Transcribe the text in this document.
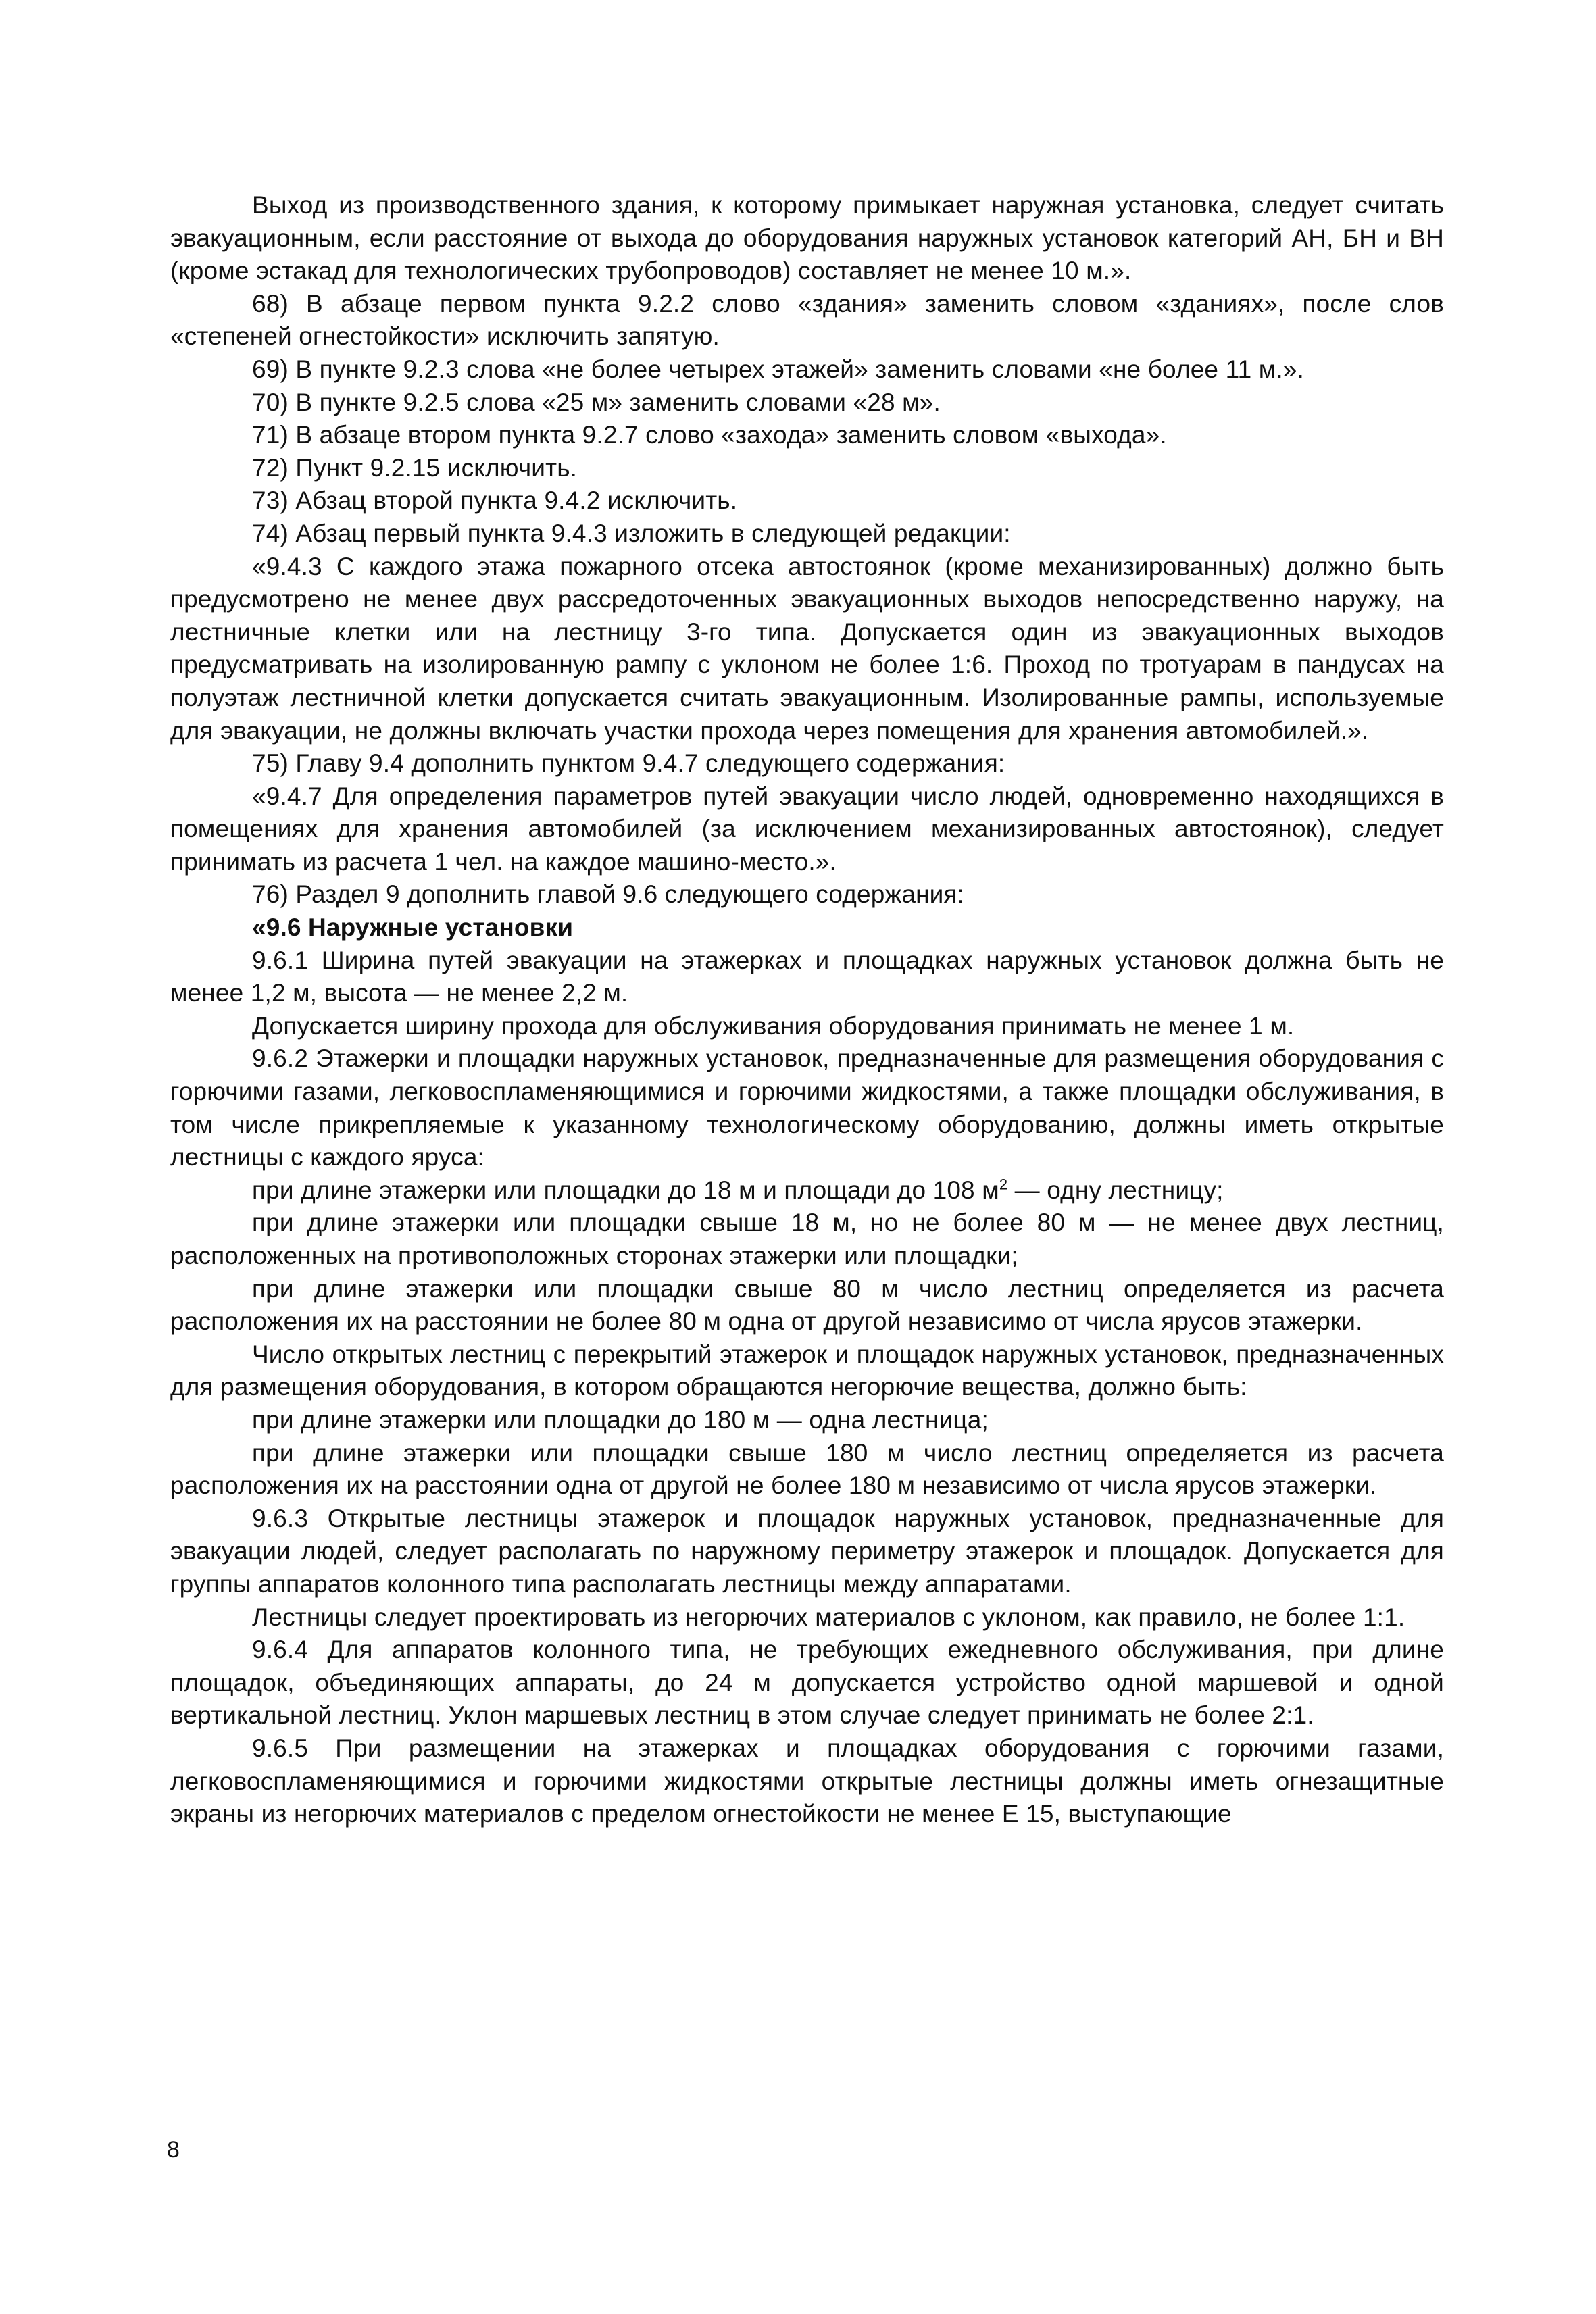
Выход из производственного здания, к которому примыкает наружная установка, следует считать эвакуационным, если расстояние от выхода до оборудования наружных установок категорий АН, БН и ВН (кроме эстакад для технологических трубопроводов) составляет не менее 10 м.».

68) В абзаце первом пункта 9.2.2 слово «здания» заменить словом «зданиях», после слов «степеней огнестойкости» исключить запятую.

69) В пункте 9.2.3 слова «не более четырех этажей» заменить словами «не более 11 м.».

70) В пункте 9.2.5 слова «25 м» заменить словами «28 м».

71) В абзаце втором пункта 9.2.7 слово «захода» заменить словом «выхода».

72) Пункт 9.2.15 исключить.

73) Абзац второй пункта 9.4.2 исключить.

74) Абзац первый пункта 9.4.3 изложить в следующей редакции:

«9.4.3 С каждого этажа пожарного отсека автостоянок (кроме механизированных) должно быть предусмотрено не менее двух рассредоточенных эвакуационных выходов непосредственно наружу, на лестничные клетки или на лестницу 3-го типа. Допускается один из эвакуационных выходов предусматривать на изолированную рампу с уклоном не более 1:6. Проход по тротуарам в пандусах на полуэтаж лестничной клетки допускается считать эвакуационным. Изолированные рампы, используемые для эвакуации, не должны включать участки прохода через помещения для хранения автомобилей.».

75) Главу 9.4 дополнить пунктом 9.4.7 следующего содержания:

«9.4.7 Для определения параметров путей эвакуации число людей, одновременно находящихся в помещениях для хранения автомобилей (за исключением механизированных автостоянок), следует принимать из расчета 1 чел. на каждое машино-место.».

76) Раздел 9 дополнить главой 9.6 следующего содержания:

«9.6 Наружные установки

9.6.1 Ширина путей эвакуации на этажерках и площадках наружных установок должна быть не менее 1,2 м, высота — не менее 2,2 м.

Допускается ширину прохода для обслуживания оборудования принимать не менее 1 м.

9.6.2 Этажерки и площадки наружных установок, предназначенные для размещения оборудования с горючими газами, легковоспламеняющимися и горючими жидкостями, а также площадки обслуживания, в том числе прикрепляемые к указанному технологическому оборудованию, должны иметь открытые лестницы с каждого яруса:

при длине этажерки или площадки до 18 м и площади до 108 $м^2$ — одну лестницу;

при длине этажерки или площадки свыше 18 м, но не более 80 м — не менее двух лестниц, расположенных на противоположных сторонах этажерки или площадки;

при длине этажерки или площадки свыше 80 м число лестниц определяется из расчета расположения их на расстоянии не более 80 м одна от другой независимо от числа ярусов этажерки.

Число открытых лестниц с перекрытий этажерок и площадок наружных установок, предназначенных для размещения оборудования, в котором обращаются негорючие вещества, должно быть:

при длине этажерки или площадки до 180 м — одна лестница;

при длине этажерки или площадки свыше 180 м число лестниц определяется из расчета расположения их на расстоянии одна от другой не более 180 м независимо от числа ярусов этажерки.

9.6.3 Открытые лестницы этажерок и площадок наружных установок, предназначенные для эвакуации людей, следует располагать по наружному периметру этажерок и площадок. Допускается для группы аппаратов колонного типа располагать лестницы между аппаратами.

Лестницы следует проектировать из негорючих материалов с уклоном, как правило, не более 1:1.

9.6.4 Для аппаратов колонного типа, не требующих ежедневного обслуживания, при длине площадок, объединяющих аппараты, до 24 м допускается устройство одной маршевой и одной вертикальной лестниц. Уклон маршевых лестниц в этом случае следует принимать не более 2:1.

9.6.5 При размещении на этажерках и площадках оборудования с горючими газами, легковоспламеняющимися и горючими жидкостями открытые лестницы должны иметь огнезащитные экраны из негорючих материалов с пределом огнестойкости не менее Е 15, выступающие

8
